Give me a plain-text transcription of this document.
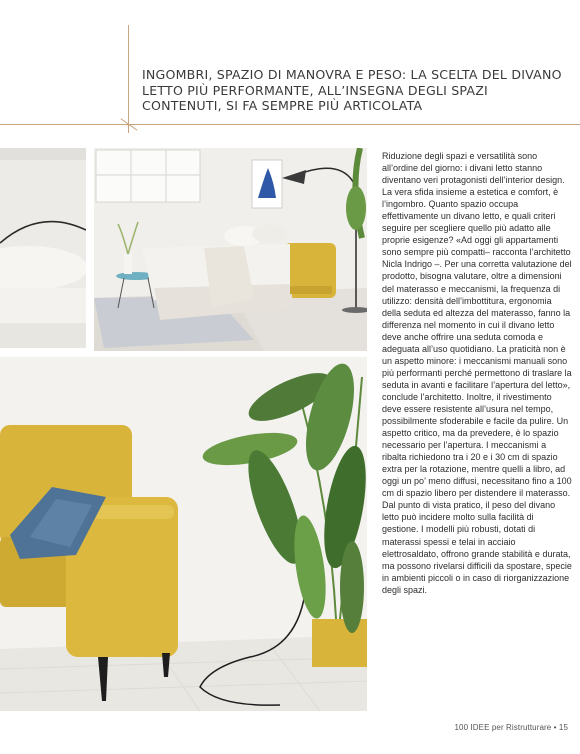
INGOMBRI, SPAZIO DI MANOVRA E PESO: LA SCELTA DEL DIVANO LETTO PIÙ PERFORMANTE, ALL’INSEGNA DEGLI SPAZI CONTENUTI, SI FA SEMPRE PIÙ ARTICOLATA

Riduzione degli spazi e versatilità sono all’ordine del giorno: i divani letto stanno diventano veri protagonisti dell’interior design. La vera sfida insieme a estetica e comfort, è l’ingombro. Quanto spazio occupa effettivamente un divano letto, e quali criteri seguire per scegliere quello più adatto alle proprie esigenze? «Ad oggi gli appartamenti sono sempre più compatti– racconta l’architetto Nicla Indrigo –. Per una corretta valutazione del prodotto, bisogna valutare, oltre a dimensioni del materasso e meccanismi, la frequenza di utilizzo: densità dell’imbottitura, ergonomia della seduta ed altezza del materasso, fanno la differenza nel momento in cui il divano letto deve anche offrire una seduta comoda e adeguata all’uso quotidiano. La praticità non è un aspetto minore: i meccanismi manuali sono più performanti perché permettono di traslare la seduta in avanti e facilitare l’apertura del letto», conclude l’architetto. Inoltre, il rivestimento deve essere resistente all’usura nel tempo, possibilmente sfoderabile e facile da pulire. Un aspetto critico, ma da prevedere, è lo spazio necessario per l’apertura. I meccanismi a ribalta richiedono tra i 20 e i 30 cm di spazio extra per la rotazione, mentre quelli a libro, ad oggi un po’ meno diffusi, necessitano fino a 100 cm di spazio libero per distendere il materasso. Dal punto di vista pratico, il peso del divano letto può incidere molto sulla facilità di gestione. I modelli più robusti, dotati di materassi spessi e telai in acciaio elettrosaldato, offrono grande stabilità e durata, ma possono rivelarsi difficili da spostare, specie in ambienti piccoli o in caso di riorganizzazione degli spazi.

100 IDEE per Ristrutturare • 15
